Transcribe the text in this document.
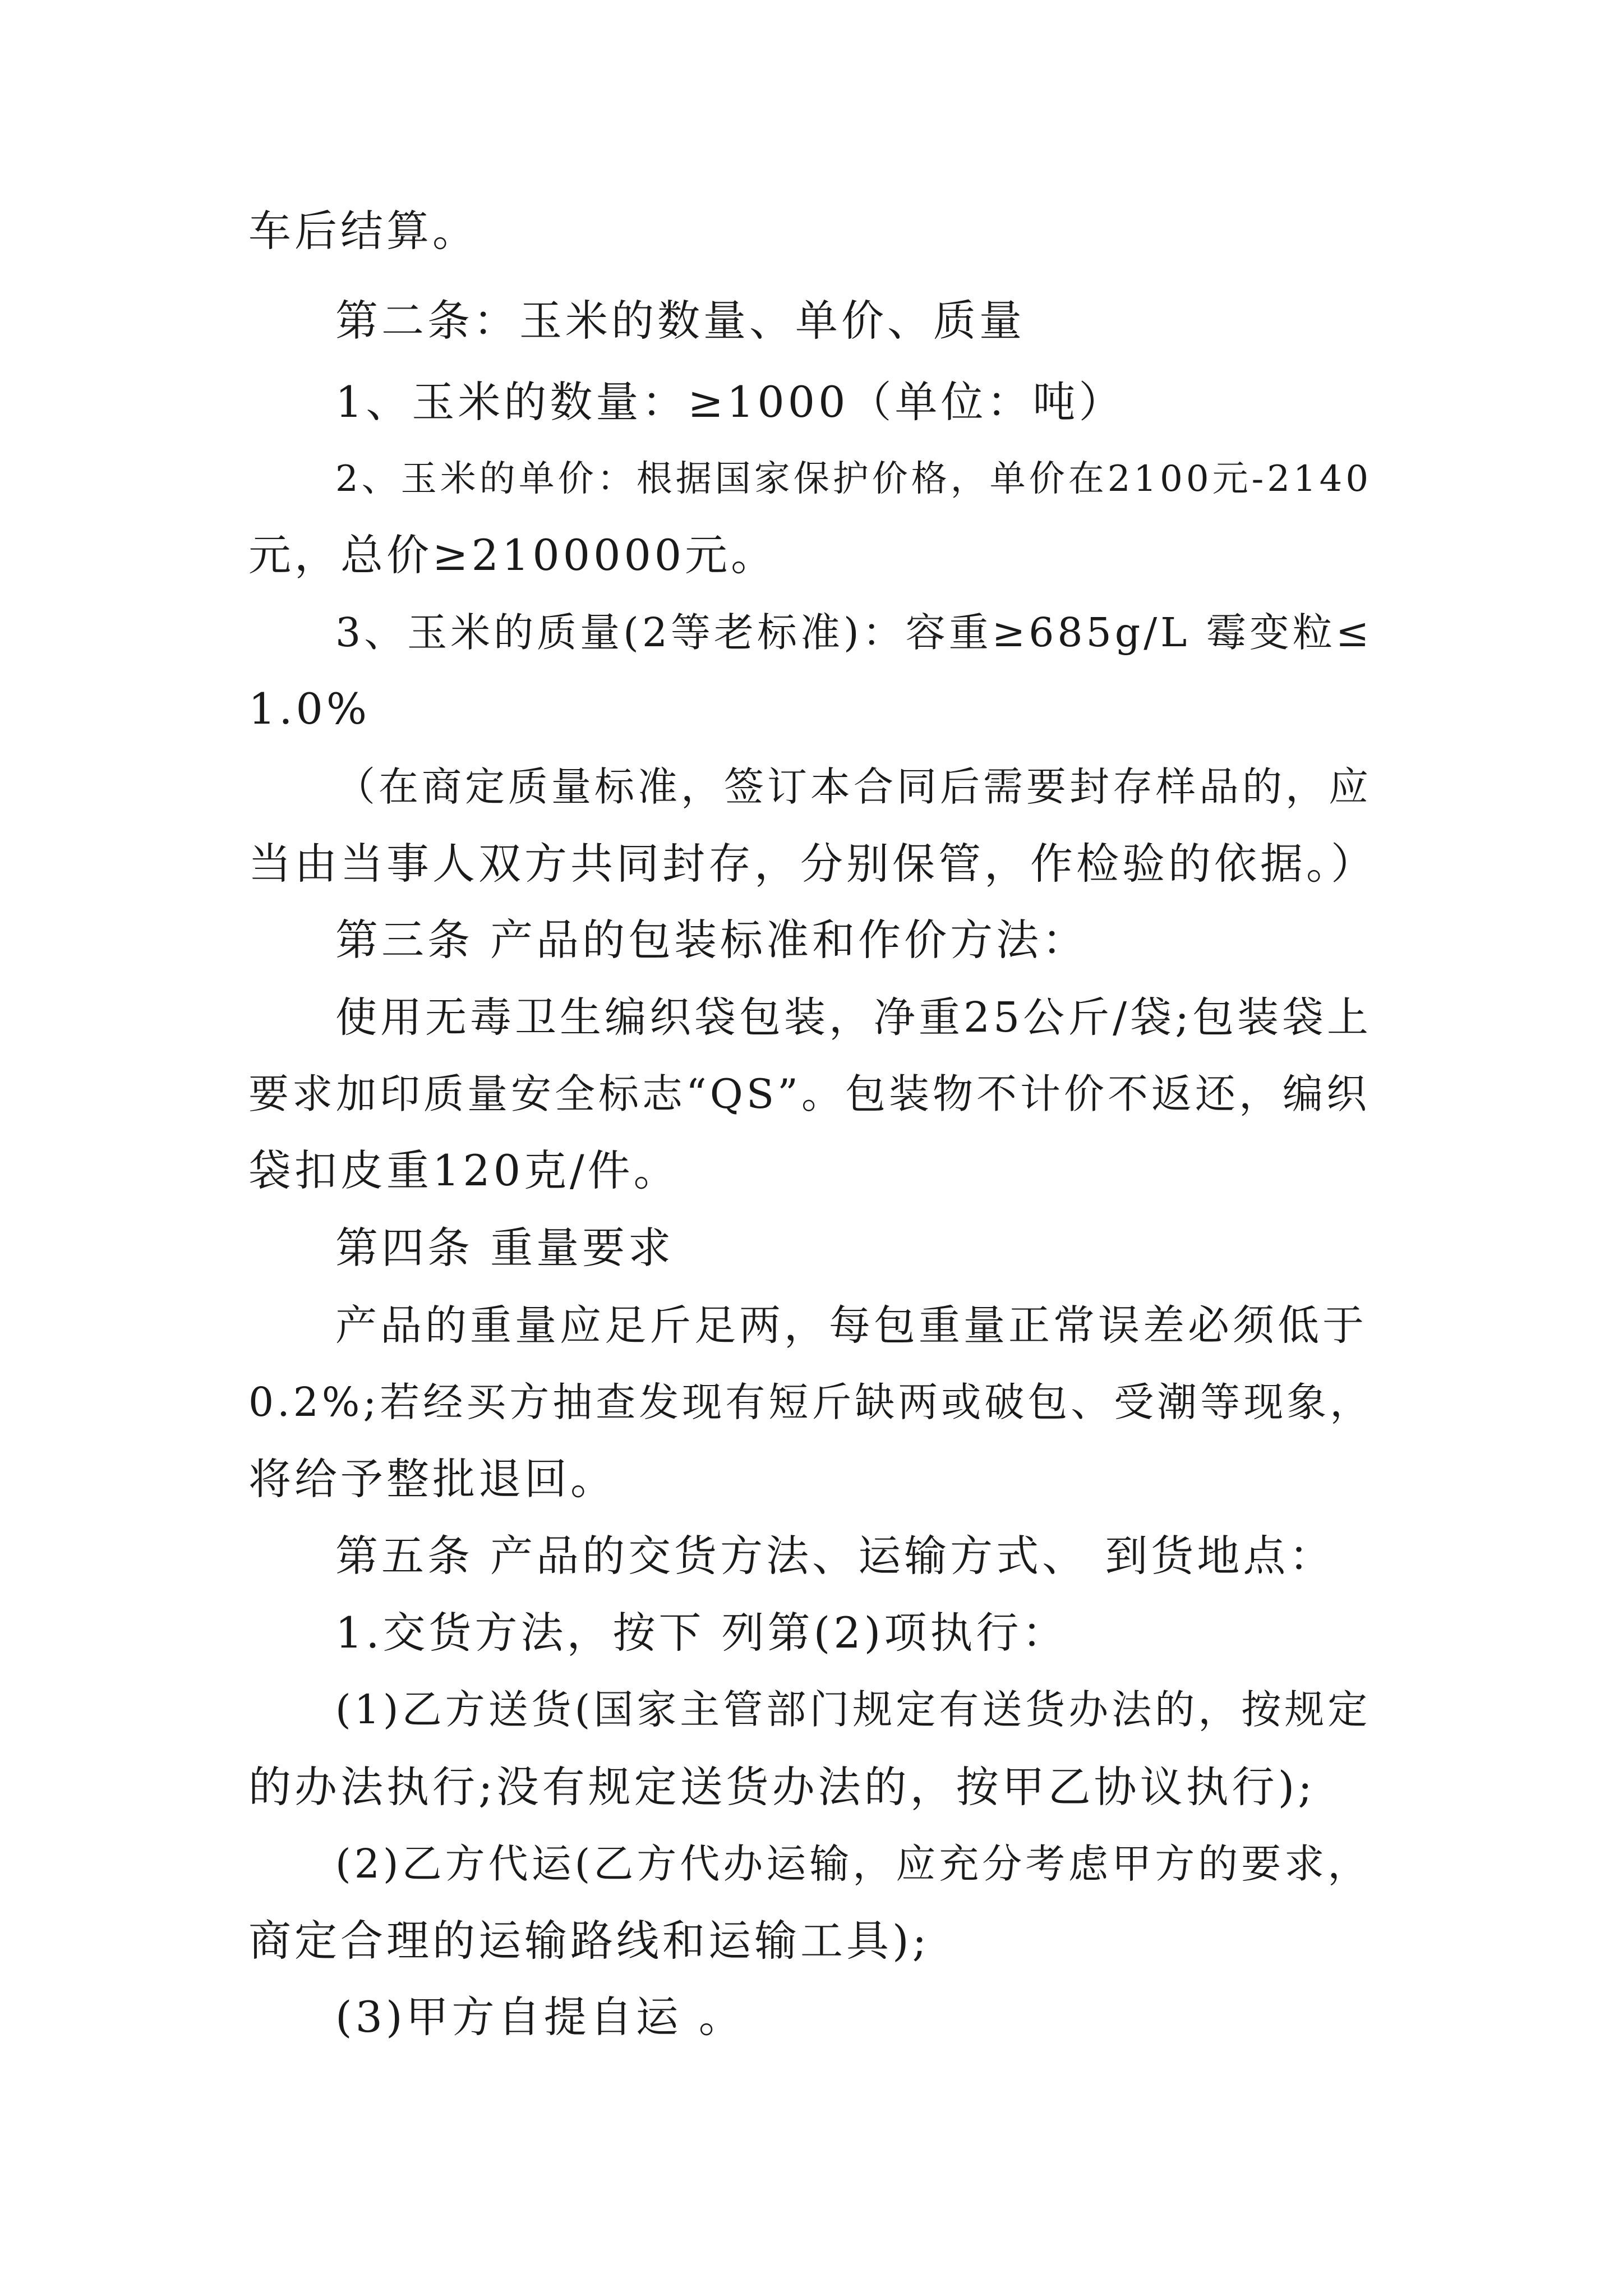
车后结算。
第二条：玉米的数量、单价、质量
1、玉米的数量：≥1000（单位：吨）
2、玉米的单价：根据国家保护价格，单价在2100元-2140
元，总价≥2100000元。
3、玉米的质量(2等老标准)：容重≥685g/L 霉变粒≤
1.0%
（在商定质量标准，签订本合同后需要封存样品的，应
当由当事人双方共同封存，分别保管，作检验的依据。）
第三条 产品的包装标准和作价方法：
使用无毒卫生编织袋包装，净重25公斤/袋;包装袋上
要求加印质量安全标志“QS”。包装物不计价不返还，编织
袋扣皮重120克/件。
第四条 重量要求
产品的重量应足斤足两，每包重量正常误差必须低于
0.2%;若经买方抽查发现有短斤缺两或破包、受潮等现象，
将给予整批退回。
第五条 产品的交货方法、运输方式、 到货地点：
1.交货方法，按下 列第(2)项执行：
(1)乙方送货(国家主管部门规定有送货办法的，按规定
的办法执行;没有规定送货办法的，按甲乙协议执行);
(2)乙方代运(乙方代办运输，应充分考虑甲方的要求，
商定合理的运输路线和运输工具);
(3)甲方自提自运 。
